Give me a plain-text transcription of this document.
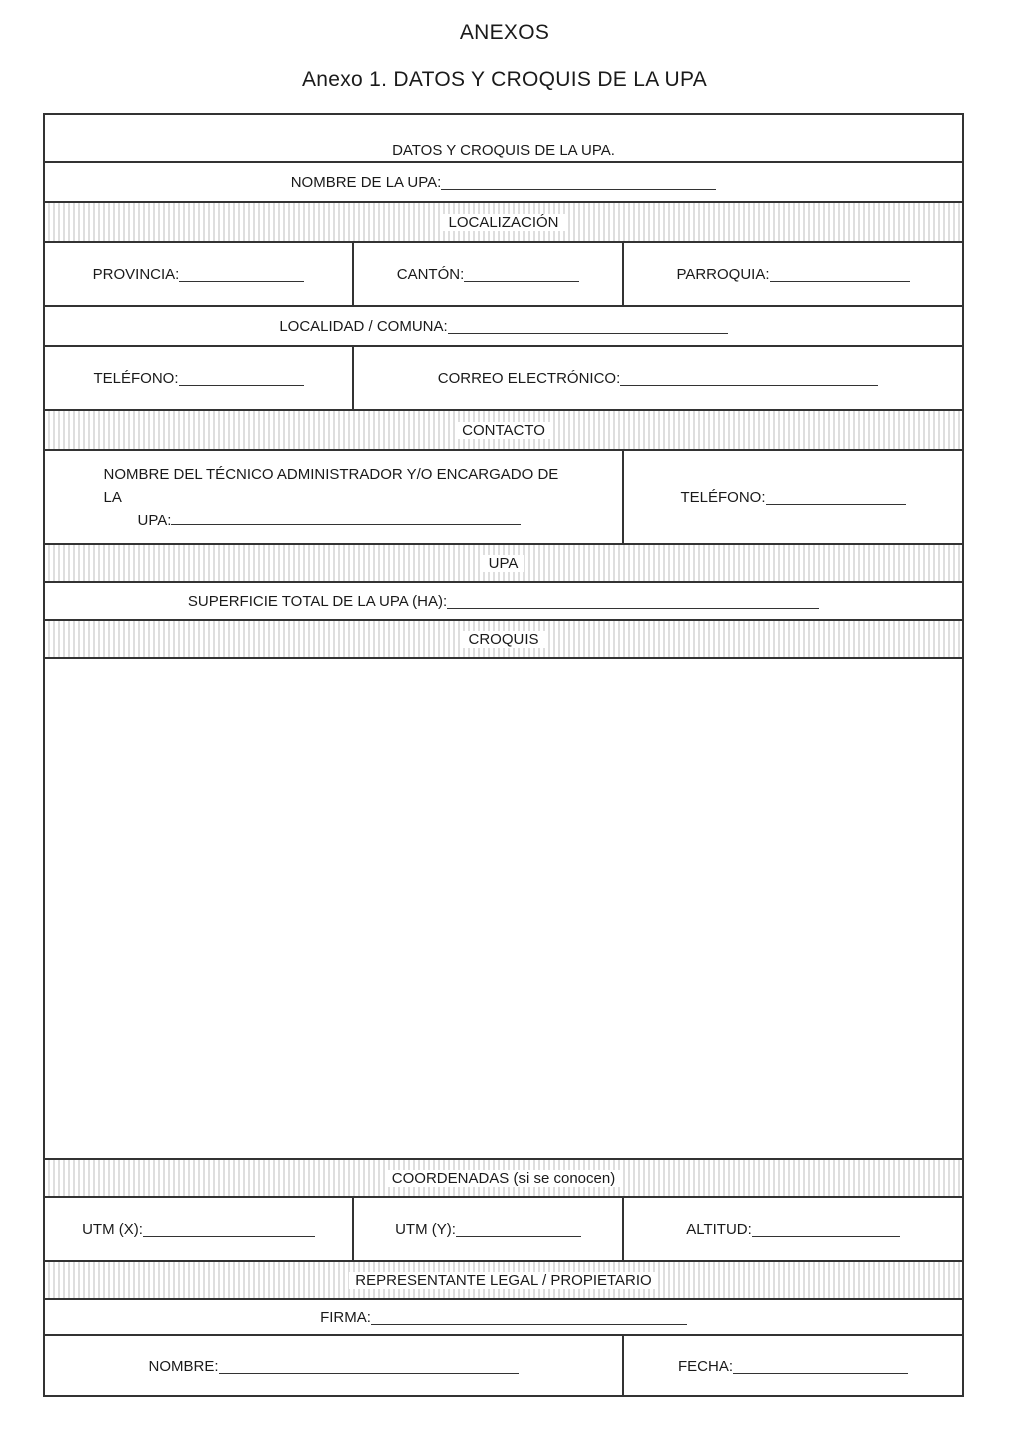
ANEXOS
Anexo 1. DATOS Y CROQUIS DE LA UPA
DATOS Y CROQUIS DE LA UPA.
NOMBRE DE LA UPA:
LOCALIZACIÓN
PROVINCIA:	CANTÓN:	PARROQUIA:
LOCALIDAD / COMUNA:
TELÉFONO:	CORREO ELECTRÓNICO:
CONTACTO
NOMBRE DEL TÉCNICO ADMINISTRADOR Y/O ENCARGADO DE LA
UPA:
TELÉFONO:
UPA
SUPERFICIE TOTAL DE LA UPA (HA):
CROQUIS
COORDENADAS (si se conocen)
UTM (X):	UTM (Y):	ALTITUD:
REPRESENTANTE LEGAL / PROPIETARIO
FIRMA:
NOMBRE:	FECHA:
